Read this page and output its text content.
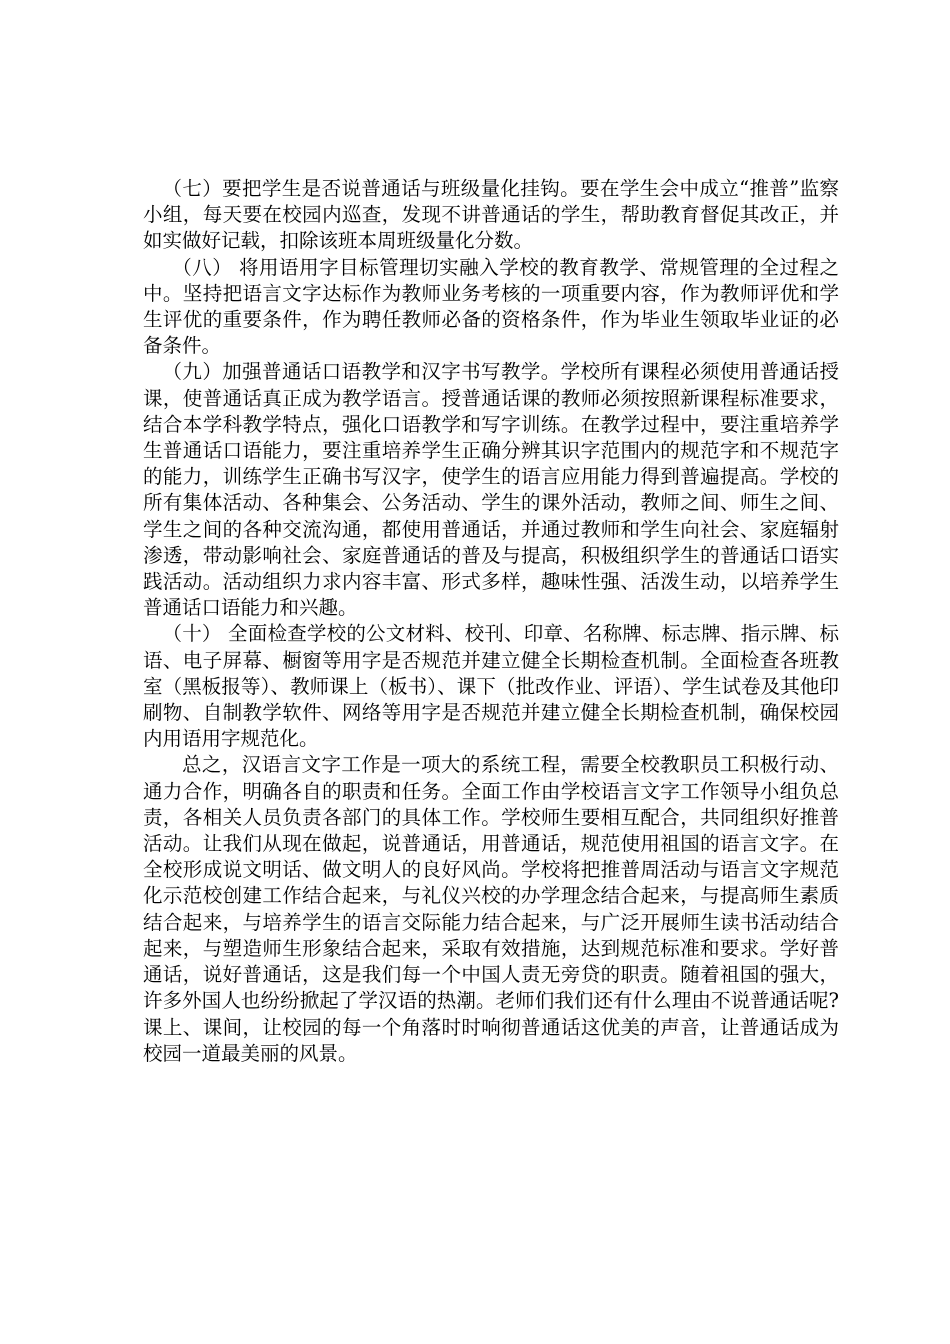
（七）要把学生是否说普通话与班级量化挂钩。要在学生会中成立“推普”监察小组，每天要在校园内巡查，发现不讲普通话的学生，帮助教育督促其改正，并如实做好记载，扣除该班本周班级量化分数。

（八） 将用语用字目标管理切实融入学校的教育教学、常规管理的全过程之中。坚持把语言文字达标作为教师业务考核的一项重要内容，作为教师评优和学生评优的重要条件，作为聘任教师必备的资格条件，作为毕业生领取毕业证的必备条件。

（九）加强普通话口语教学和汉字书写教学。学校所有课程必须使用普通话授课，使普通话真正成为教学语言。授普通话课的教师必须按照新课程标准要求，结合本学科教学特点，强化口语教学和写字训练。在教学过程中，要注重培养学生普通话口语能力，要注重培养学生正确分辨其识字范围内的规范字和不规范字的能力，训练学生正确书写汉字，使学生的语言应用能力得到普遍提高。学校的所有集体活动、各种集会、公务活动、学生的课外活动，教师之间、师生之间、学生之间的各种交流沟通，都使用普通话，并通过教师和学生向社会、家庭辐射渗透，带动影响社会、家庭普通话的普及与提高，积极组织学生的普通话口语实践活动。活动组织力求内容丰富、形式多样，趣味性强、活泼生动，以培养学生普通话口语能力和兴趣。

（十） 全面检查学校的公文材料、校刊、印章、名称牌、标志牌、指示牌、标语、电子屏幕、橱窗等用字是否规范并建立健全长期检查机制。全面检查各班教室（黑板报等）、教师课上（板书）、课下（批改作业、评语）、学生试卷及其他印刷物、自制教学软件、网络等用字是否规范并建立健全长期检查机制，确保校园内用语用字规范化。

总之，汉语言文字工作是一项大的系统工程，需要全校教职员工积极行动、通力合作，明确各自的职责和任务。全面工作由学校语言文字工作领导小组负总责，各相关人员负责各部门的具体工作。学校师生要相互配合，共同组织好推普活动。让我们从现在做起，说普通话，用普通话，规范使用祖国的语言文字。在全校形成说文明话、做文明人的良好风尚。学校将把推普周活动与语言文字规范化示范校创建工作结合起来，与礼仪兴校的办学理念结合起来，与提高师生素质结合起来，与培养学生的语言交际能力结合起来，与广泛开展师生读书活动结合起来，与塑造师生形象结合起来，采取有效措施，达到规范标准和要求。学好普通话，说好普通话，这是我们每一个中国人责无旁贷的职责。随着祖国的强大，许多外国人也纷纷掀起了学汉语的热潮。老师们我们还有什么理由不说普通话呢?课上、课间，让校园的每一个角落时时响彻普通话这优美的声音，让普通话成为校园一道最美丽的风景。
